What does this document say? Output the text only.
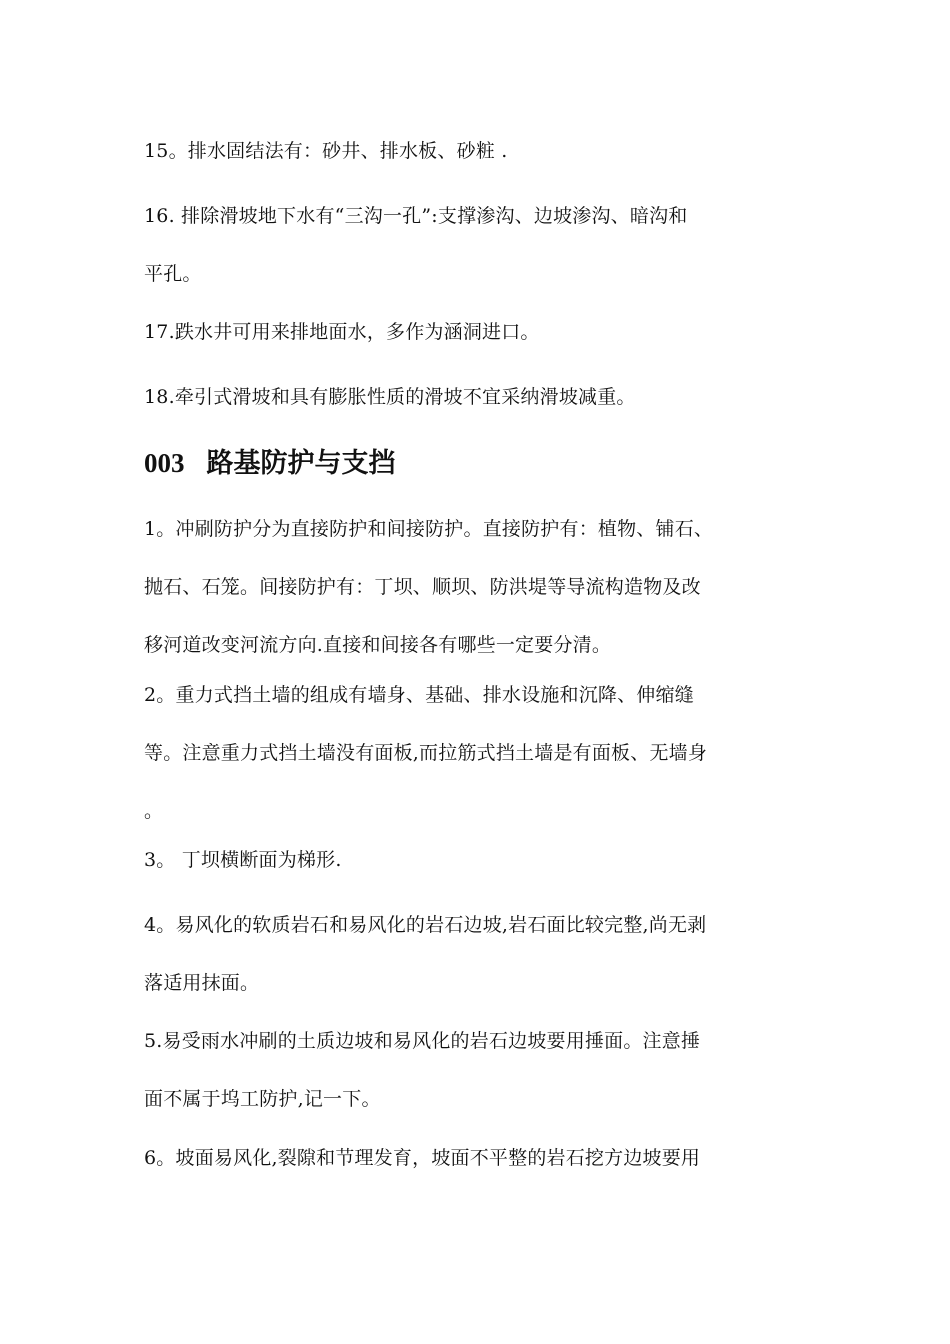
15。排水固结法有：砂井、排水板、砂粧 .

16. 排除滑坡地下水有“三沟一孔”:支撑渗沟、边坡渗沟、暗沟和
平孔。

17.跌水井可用来排地面水，多作为涵洞进口。

18.牵引式滑坡和具有膨胀性质的滑坡不宜采纳滑坡减重。

003 路基防护与支挡

1。冲刷防护分为直接防护和间接防护。直接防护有：植物、铺石、
抛石、石笼。间接防护有：丁坝、顺坝、防洪堤等导流构造物及改
移河道改变河流方向.直接和间接各有哪些一定要分清。

2。重力式挡土墙的组成有墙身、基础、排水设施和沉降、伸缩缝
等。注意重力式挡土墙没有面板,而拉筋式挡土墙是有面板、无墙身
。

3。 丁坝横断面为梯形.

4。易风化的软质岩石和易风化的岩石边坡,岩石面比较完整,尚无剥
落适用抹面。

5.易受雨水冲刷的土质边坡和易风化的岩石边坡要用捶面。注意捶
面不属于坞工防护,记一下。

6。坡面易风化,裂隙和节理发育，坡面不平整的岩石挖方边坡要用
